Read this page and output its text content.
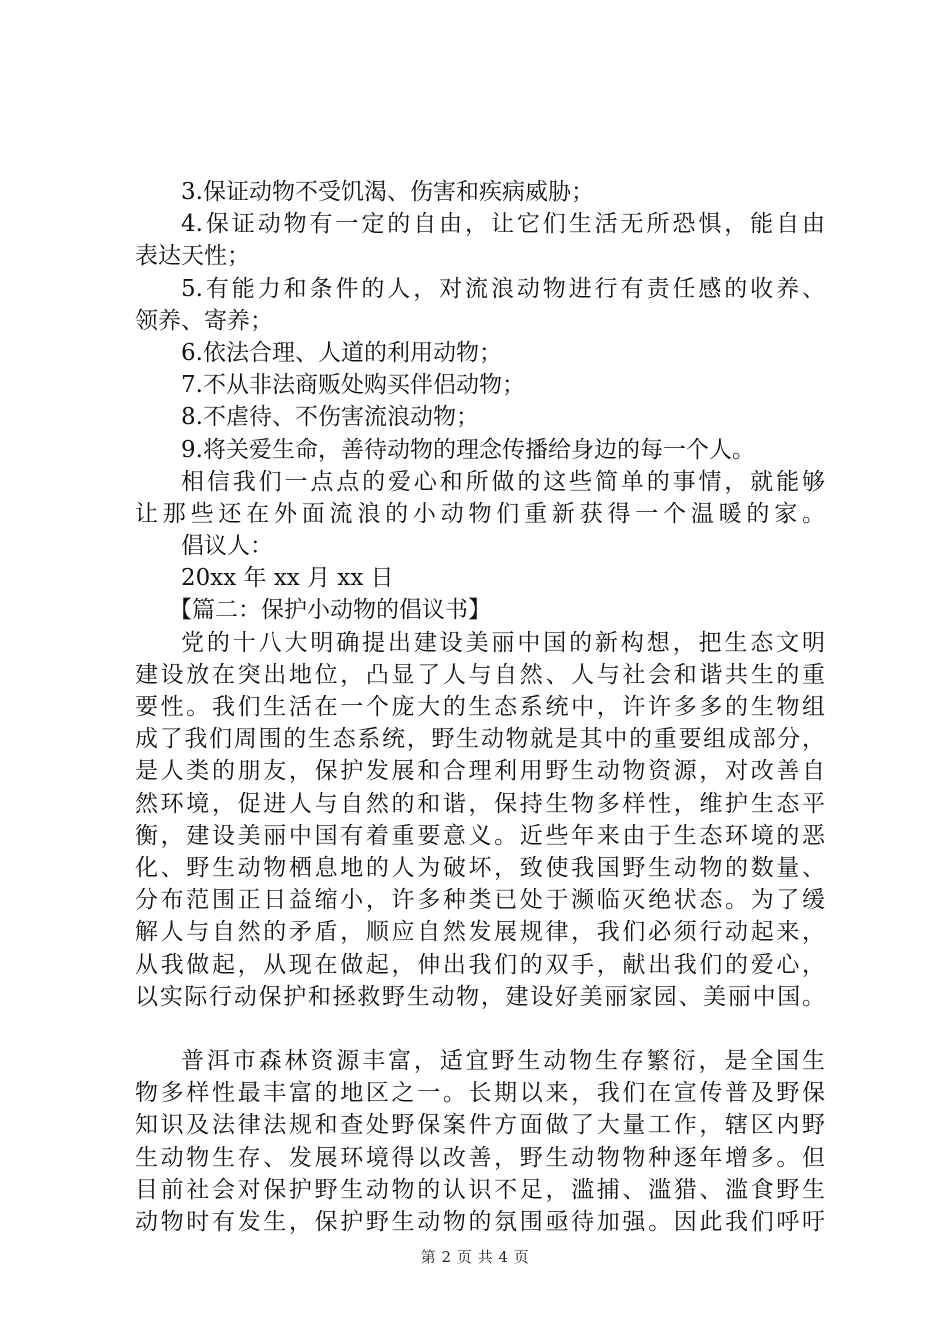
3.保证动物不受饥渴、伤害和疾病威胁；
4.保证动物有一定的自由，让它们生活无所恐惧，能自由
表达天性；
5.有能力和条件的人，对流浪动物进行有责任感的收养、
领养、寄养；
6.依法合理、人道的利用动物；
7.不从非法商贩处购买伴侣动物；
8.不虐待、不伤害流浪动物；
9.将关爱生命，善待动物的理念传播给身边的每一个人。
相信我们一点点的爱心和所做的这些简单的事情，就能够
让那些还在外面流浪的小动物们重新获得一个温暖的家。
倡议人：
20xx 年 xx 月 xx 日
【篇二：保护小动物的倡议书】
党的十八大明确提出建设美丽中国的新构想，把生态文明
建设放在突出地位，凸显了人与自然、人与社会和谐共生的重
要性。我们生活在一个庞大的生态系统中，许许多多的生物组
成了我们周围的生态系统，野生动物就是其中的重要组成部分，
是人类的朋友，保护发展和合理利用野生动物资源，对改善自
然环境，促进人与自然的和谐，保持生物多样性，维护生态平
衡，建设美丽中国有着重要意义。近些年来由于生态环境的恶
化、野生动物栖息地的人为破坏，致使我国野生动物的数量、
分布范围正日益缩小，许多种类已处于濒临灭绝状态。为了缓
解人与自然的矛盾，顺应自然发展规律，我们必须行动起来，
从我做起，从现在做起，伸出我们的双手，献出我们的爱心，
以实际行动保护和拯救野生动物，建设好美丽家园、美丽中国。
普洱市森林资源丰富，适宜野生动物生存繁衍，是全国生
物多样性最丰富的地区之一。长期以来，我们在宣传普及野保
知识及法律法规和查处野保案件方面做了大量工作，辖区内野
生动物生存、发展环境得以改善，野生动物物种逐年增多。但
目前社会对保护野生动物的认识不足，滥捕、滥猎、滥食野生
动物时有发生，保护野生动物的氛围亟待加强。因此我们呼吁
第 2 页 共 4 页
